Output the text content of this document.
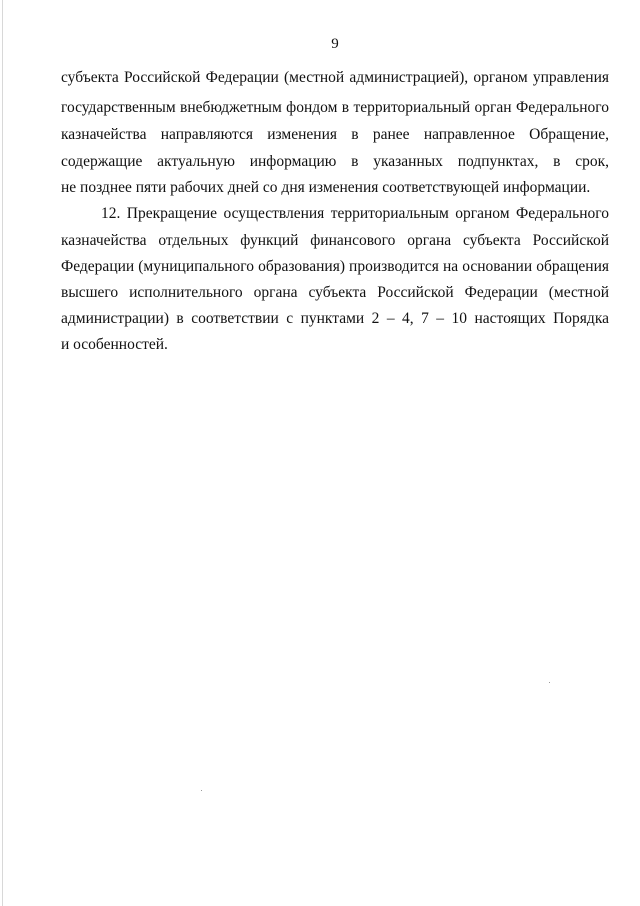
9
субъекта Российской Федерации (местной администрацией), органом управления
государственным внебюджетным фондом в территориальный орган Федерального
казначейства направляются изменения в ранее направленное Обращение,
содержащие актуальную информацию в указанных подпунктах, в срок,
не позднее пяти рабочих дней со дня изменения соответствующей информации.
12. Прекращение осуществления территориальным органом Федерального
казначейства отдельных функций финансового органа субъекта Российской
Федерации (муниципального образования) производится на основании обращения
высшего исполнительного органа субъекта Российской Федерации (местной
администрации) в соответствии с пунктами 2 – 4, 7 – 10 настоящих Порядка
и особенностей.
